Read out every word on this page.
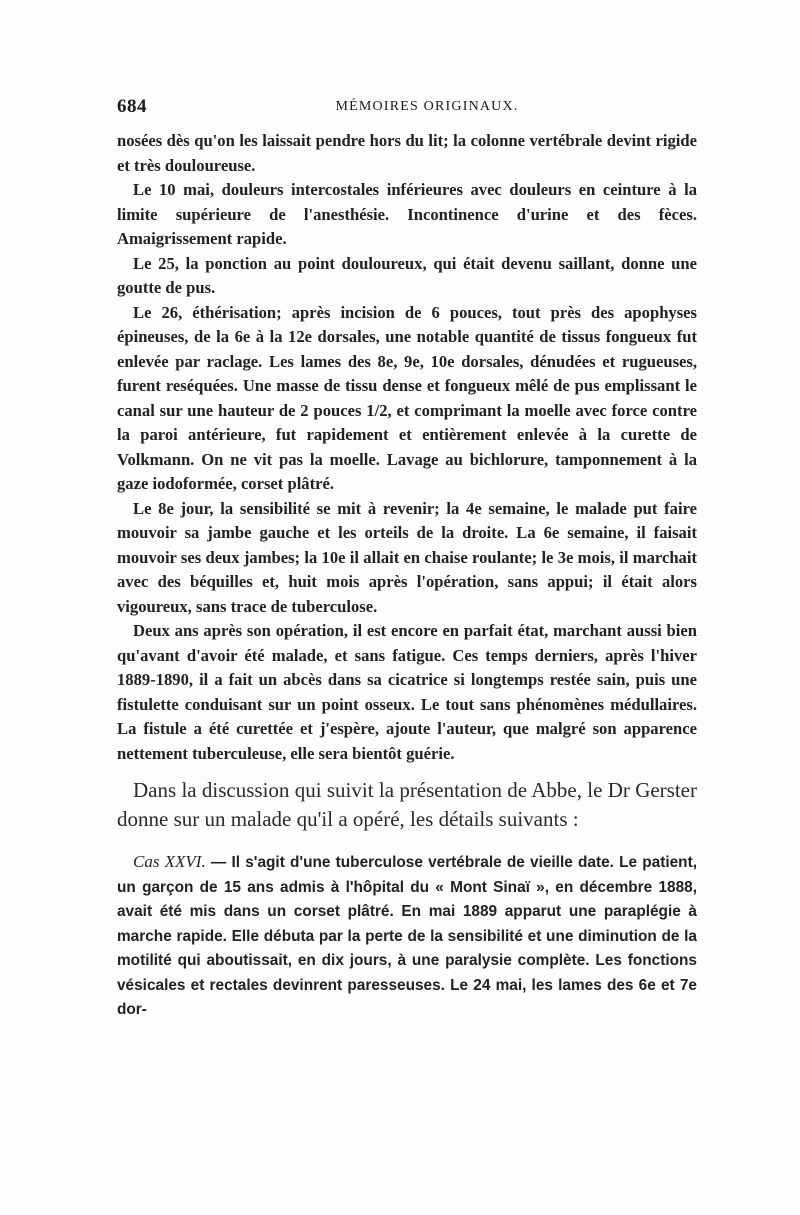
684	MÉMOIRES ORIGINAUX.

nosées dès qu'on les laissait pendre hors du lit; la colonne vertébrale devint rigide et très douloureuse.

Le 10 mai, douleurs intercostales inférieures avec douleurs en ceinture à la limite supérieure de l'anesthésie. Incontinence d'urine et des fèces. Amaigrissement rapide.

Le 25, la ponction au point douloureux, qui était devenu saillant, donne une goutte de pus.

Le 26, éthérisation; après incision de 6 pouces, tout près des apophyses épineuses, de la 6e à la 12e dorsales, une notable quantité de tissus fongueux fut enlevée par raclage. Les lames des 8e, 9e, 10e dorsales, dénudées et rugueuses, furent reséquées. Une masse de tissu dense et fongueux mêlé de pus emplissant le canal sur une hauteur de 2 pouces 1/2, et comprimant la moelle avec force contre la paroi antérieure, fut rapidement et entièrement enlevée à la curette de Volkmann. On ne vit pas la moelle. Lavage au bichlorure, tamponnement à la gaze iodoformée, corset plâtré.

Le 8e jour, la sensibilité se mit à revenir; la 4e semaine, le malade put faire mouvoir sa jambe gauche et les orteils de la droite. La 6e semaine, il faisait mouvoir ses deux jambes; la 10e il allait en chaise roulante; le 3e mois, il marchait avec des béquilles et, huit mois après l'opération, sans appui; il était alors vigoureux, sans trace de tuberculose.

Deux ans après son opération, il est encore en parfait état, marchant aussi bien qu'avant d'avoir été malade, et sans fatigue. Ces temps derniers, après l'hiver 1889-1890, il a fait un abcès dans sa cicatrice si longtemps restée sain, puis une fistulette conduisant sur un point osseux. Le tout sans phénomènes médullaires. La fistule a été curettée et j'espère, ajoute l'auteur, que malgré son apparence nettement tuberculeuse, elle sera bientôt guérie.

Dans la discussion qui suivit la présentation de Abbe, le Dr Gerster donne sur un malade qu'il a opéré, les détails suivants :

Cas XXVI. — Il s'agit d'une tuberculose vertébrale de vieille date. Le patient, un garçon de 15 ans admis à l'hôpital du « Mont Sinaï », en décembre 1888, avait été mis dans un corset plâtré. En mai 1889 apparut une paraplégie à marche rapide. Elle débuta par la perte de la sensibilité et une diminution de la motilité qui aboutissait, en dix jours, à une paralysie complète. Les fonctions vésicales et rectales devinrent paresseuses. Le 24 mai, les lames des 6e et 7e dor-
